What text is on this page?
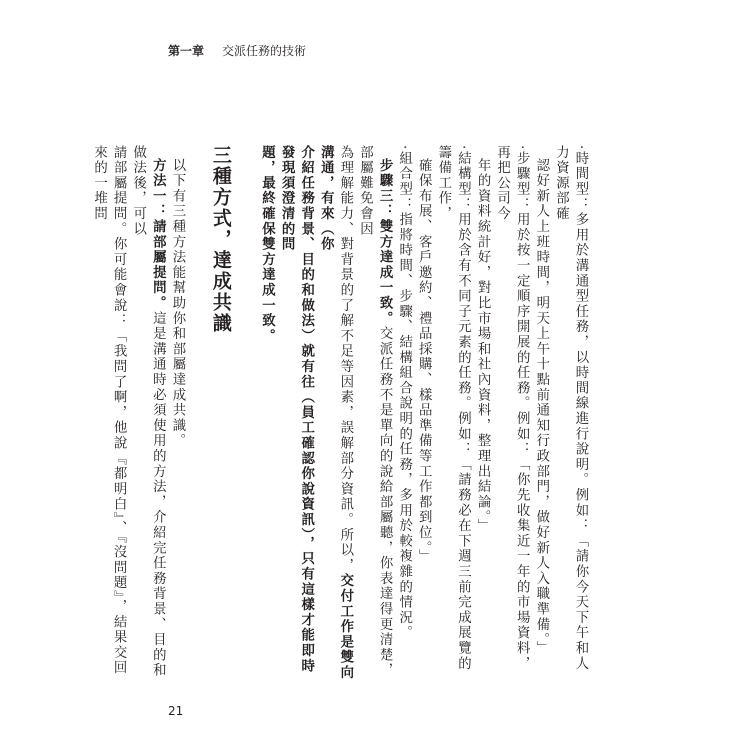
第一章 交派任務的技術

‧時間型：多用於溝通型任務，以時間線進行說明。例如：「請你今天下午和人力資源部確

認好新人上班時間，明天上午十點前通知行政部門，做好新人入職準備。」

‧步驟型：用於按一定順序開展的任務。例如：「你先收集近一年的市場資料，再把公司今

年的資料統計好，對比市場和社內資料，整理出結論。」

‧結構型：用於含有不同子元素的任務。例如：「請務必在下週三前完成展覽的籌備工作，

確保布展、客戶邀約、禮品採購、樣品準備等工作都到位。」

‧組合型：指將時間、步驟、結構組合說明的任務，多用於較複雜的情況。

步驟三：雙方達成一致。交派任務不是單向的說給部屬聽，你表達得更清楚，部屬難免會因

為理解能力、對背景的了解不足等因素，誤解部分資訊。所以，交付工作是雙向溝通，有來（你

介紹任務背景、目的和做法）就有往（員工確認你說資訊），只有這樣才能即時發現須澄清的問

題，最終確保雙方達成一致。

三種方式，達成共識

以下有三種方法能幫助你和部屬達成共識。

方法一：請部屬提問。這是溝通時必須使用的方法，介紹完任務背景、目的和做法後，可以

請部屬提問。你可能會說：「我問了啊，他說『都明白』、『沒問題』，結果交回來的一堆問

21
